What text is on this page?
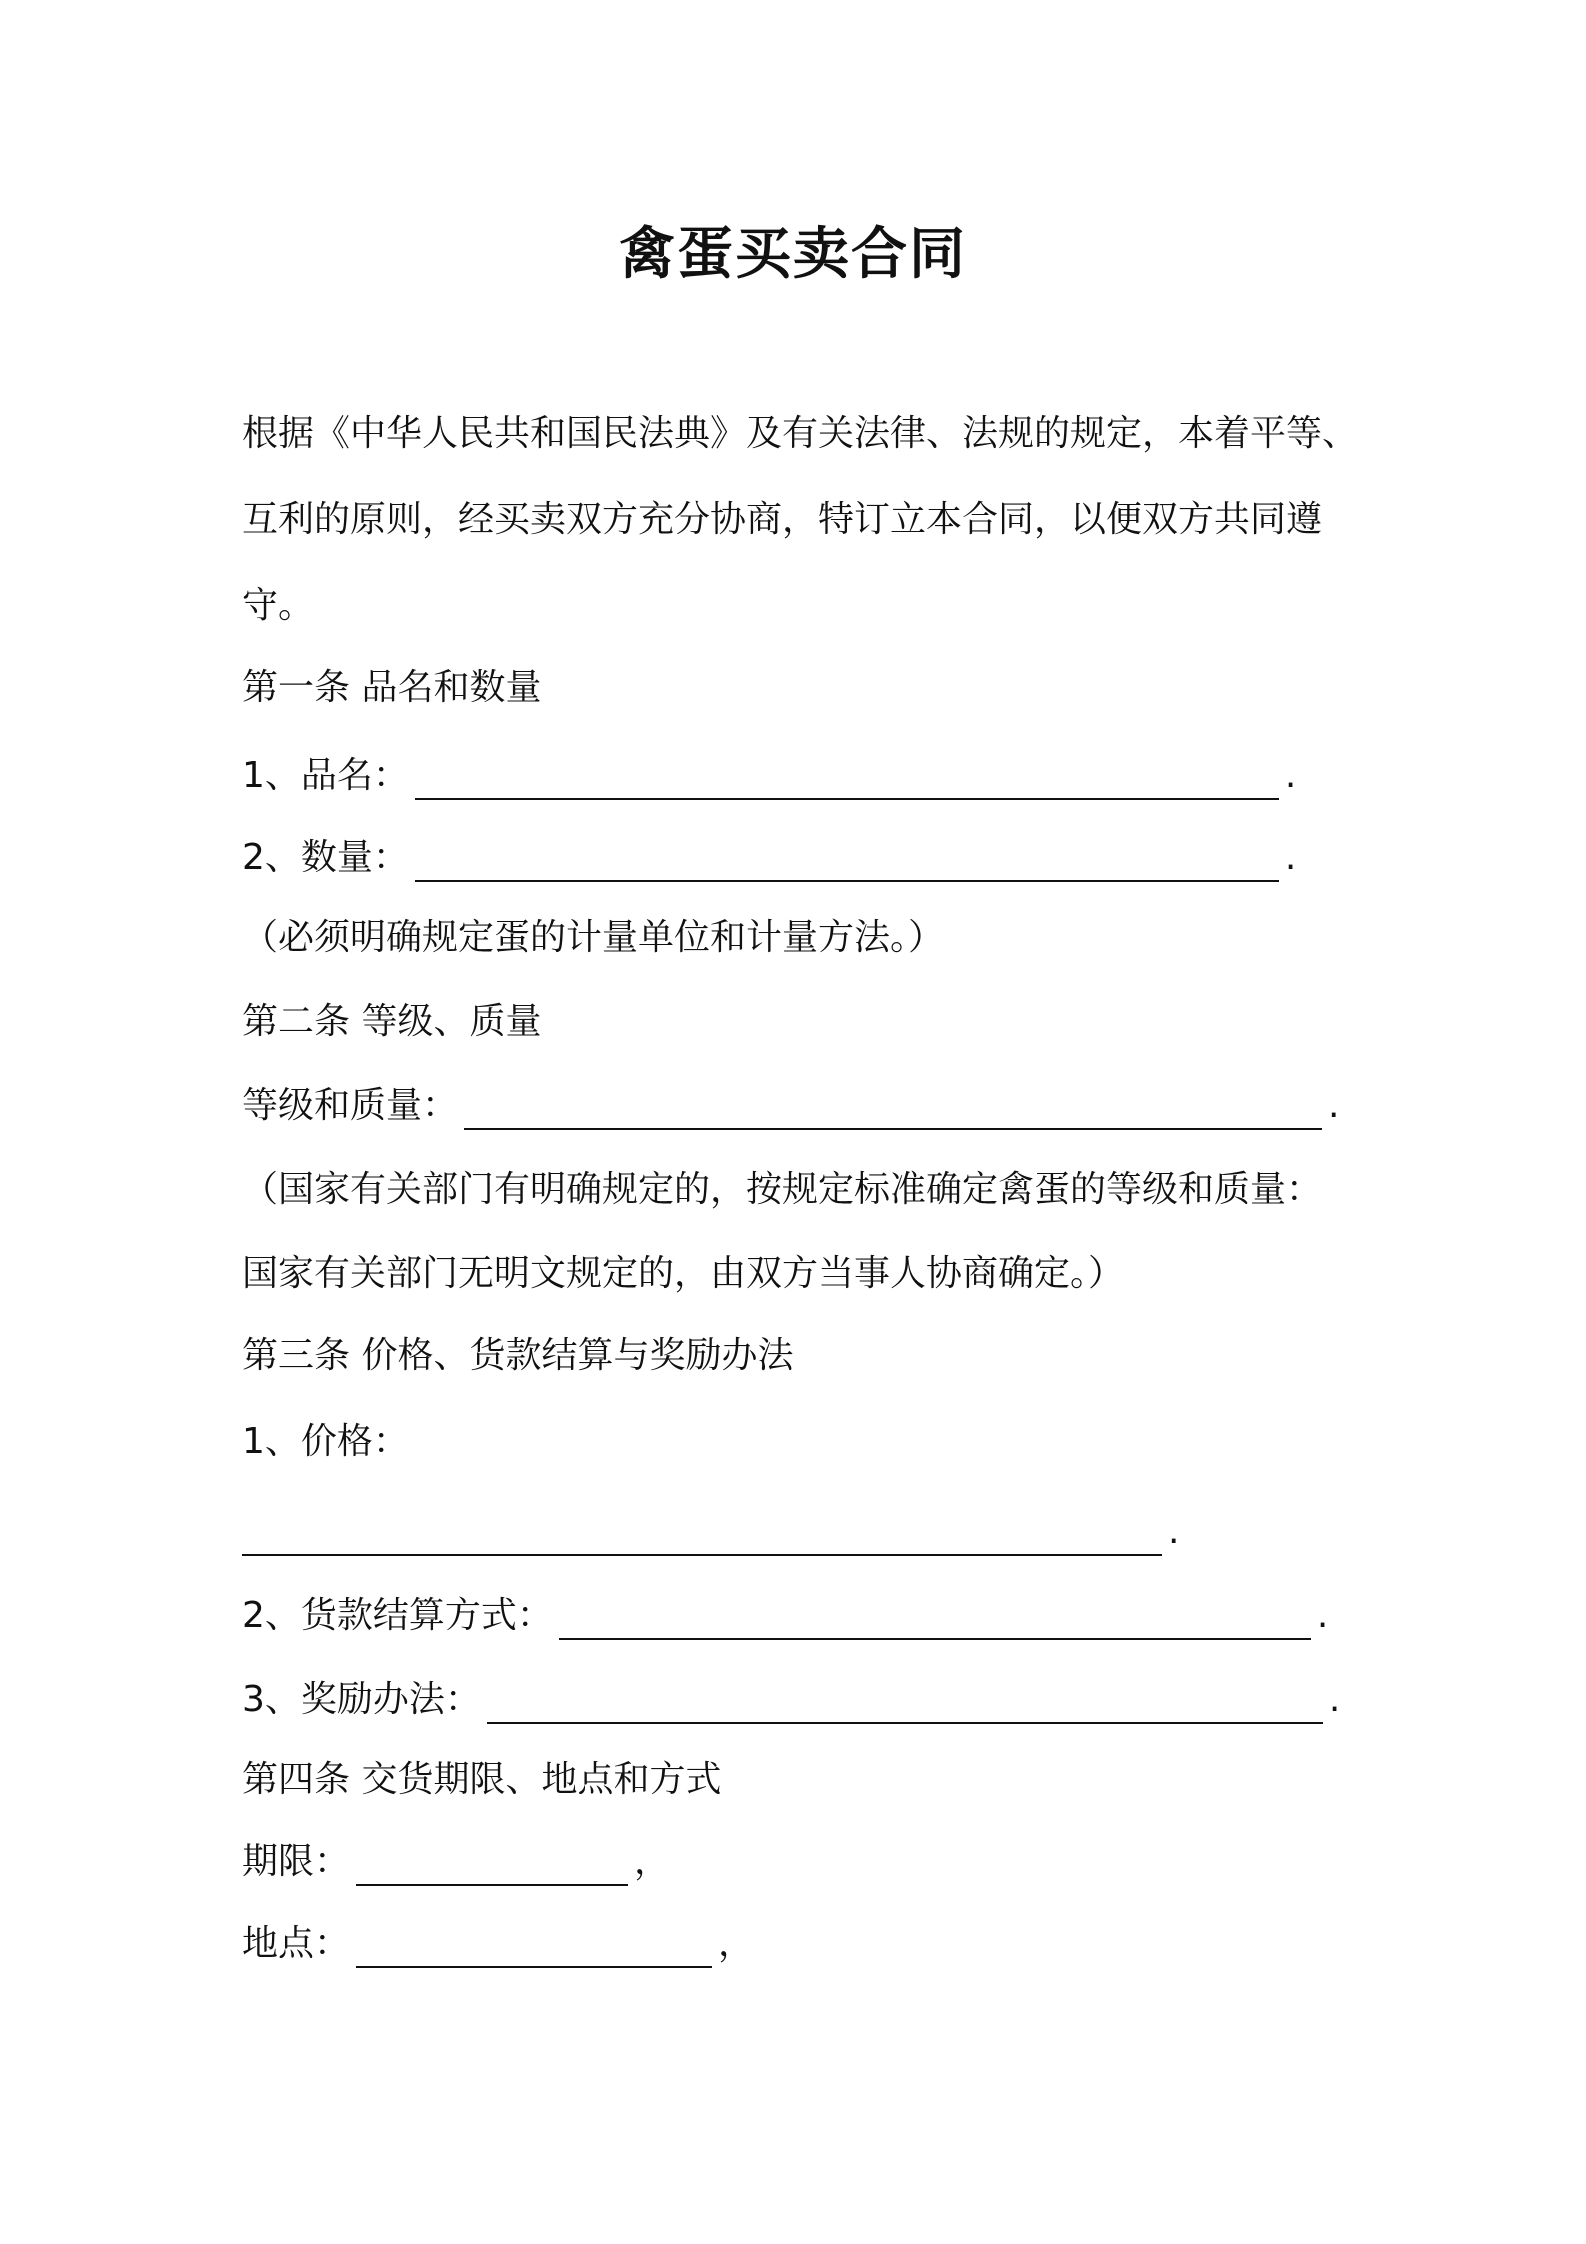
禽蛋买卖合同
根据《中华人民共和国民法典》及有关法律、法规的规定，本着平等、
互利的原则，经买卖双方充分协商，特订立本合同，以便双方共同遵
守。
第一条 品名和数量
1、品名：	.
2、数量：	.
（必须明确规定蛋的计量单位和计量方法。）
第二条 等级、质量
等级和质量：	.
（国家有关部门有明确规定的，按规定标准确定禽蛋的等级和质量：
国家有关部门无明文规定的，由双方当事人协商确定。）
第三条 价格、货款结算与奖励办法
1、价格：
.
2、货款结算方式：	.
3、奖励办法：	.
第四条 交货期限、地点和方式
期限：	，
地点：	，
